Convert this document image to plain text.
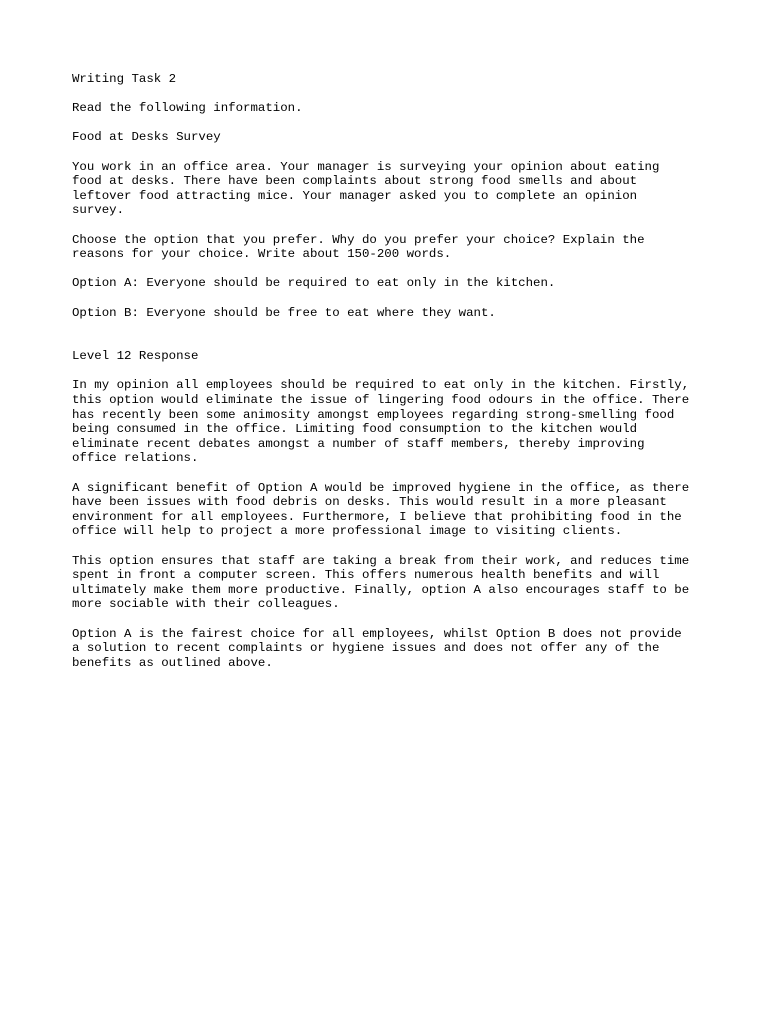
Writing Task 2

Read the following information.

Food at Desks Survey

You work in an office area. Your manager is surveying your opinion about eating

food at desks. There have been complaints about strong food smells and about

leftover food attracting mice. Your manager asked you to complete an opinion

survey.

Choose the option that you prefer. Why do you prefer your choice? Explain the

reasons for your choice. Write about 150-200 words.

Option A: Everyone should be required to eat only in the kitchen.

Option B: Everyone should be free to eat where they want.

Level 12 Response

In my opinion all employees should be required to eat only in the kitchen. Firstly,

this option would eliminate the issue of lingering food odours in the office. There

has recently been some animosity amongst employees regarding strong-smelling food

being consumed in the office. Limiting food consumption to the kitchen would

eliminate recent debates amongst a number of staff members, thereby improving

office relations.

A significant benefit of Option A would be improved hygiene in the office, as there

have been issues with food debris on desks. This would result in a more pleasant

environment for all employees. Furthermore, I believe that prohibiting food in the

office will help to project a more professional image to visiting clients.

This option ensures that staff are taking a break from their work, and reduces time

spent in front a computer screen. This offers numerous health benefits and will

ultimately make them more productive. Finally, option A also encourages staff to be

more sociable with their colleagues.

Option A is the fairest choice for all employees, whilst Option B does not provide

a solution to recent complaints or hygiene issues and does not offer any of the

benefits as outlined above.
